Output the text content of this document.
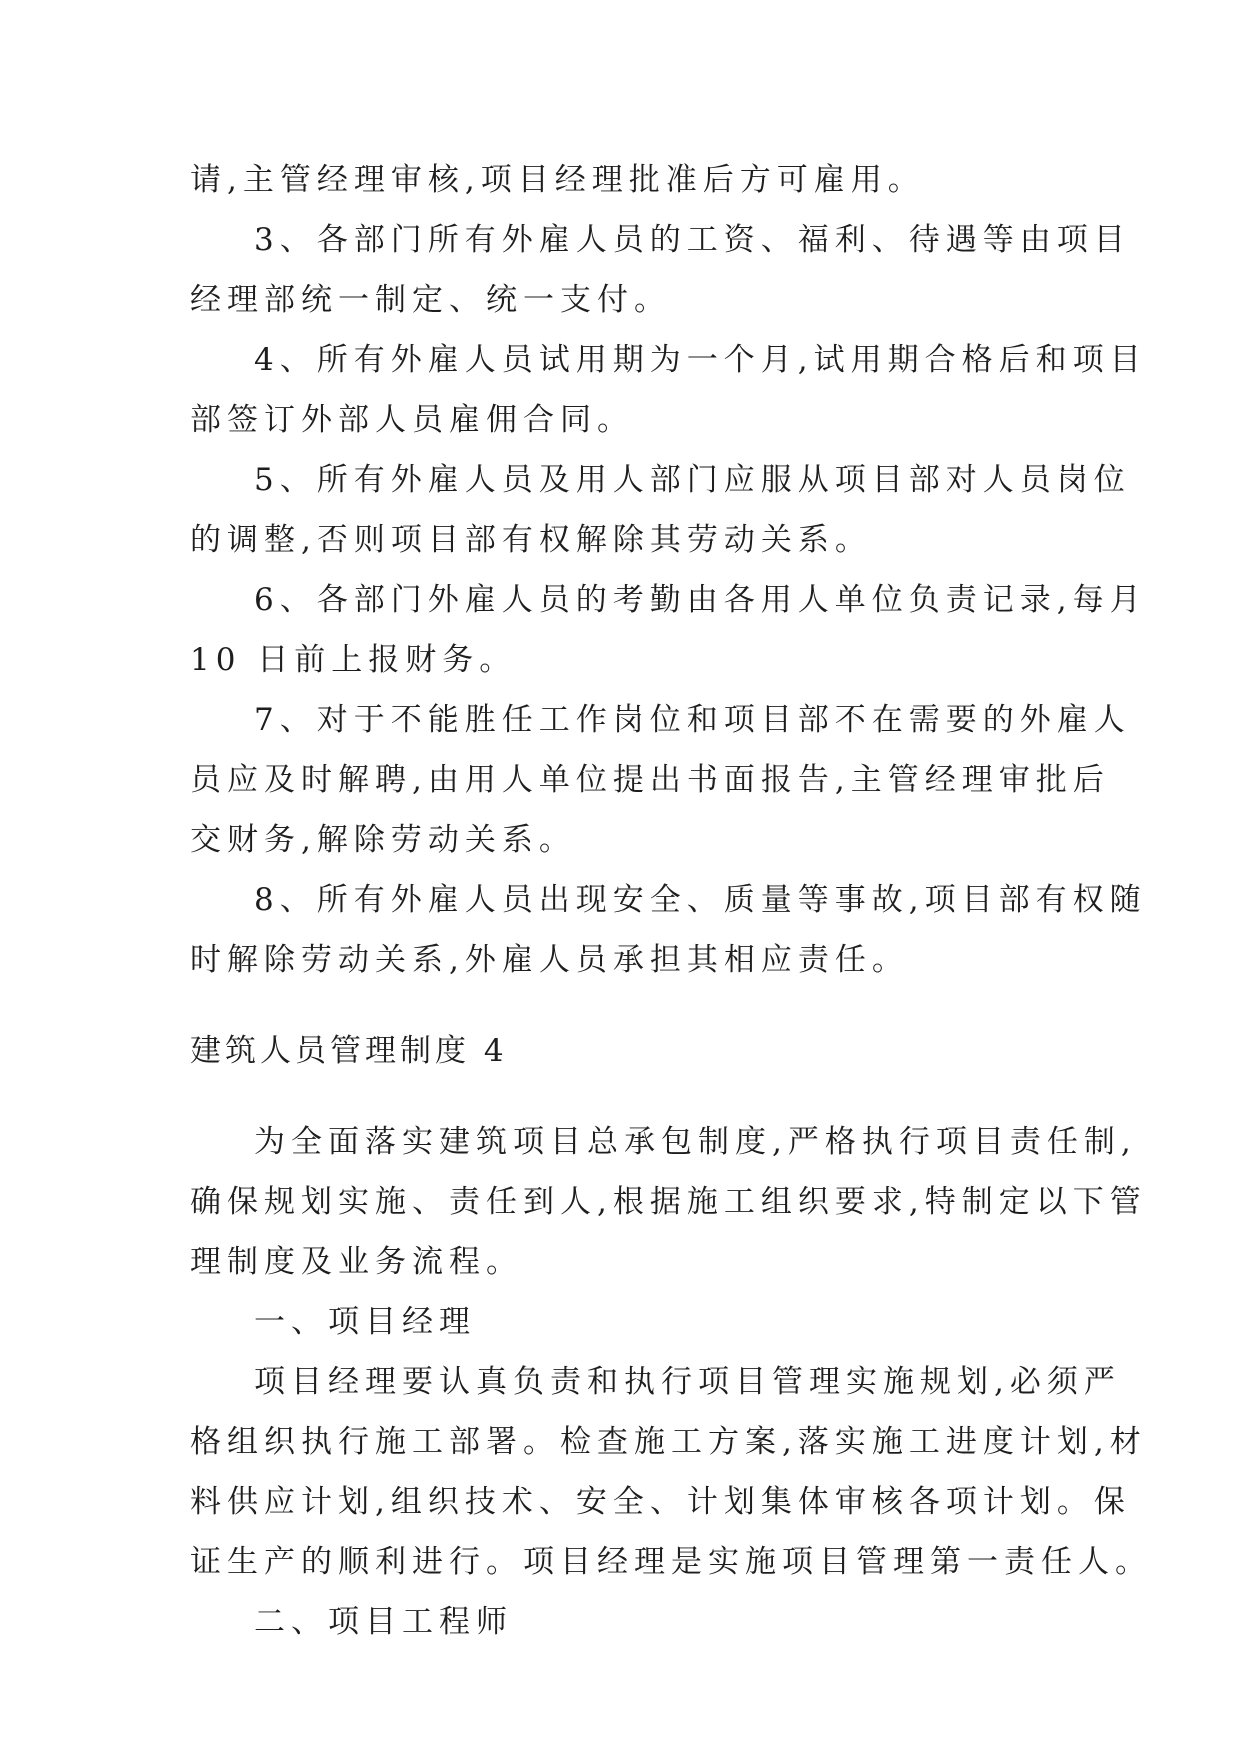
请,主管经理审核,项目经理批准后方可雇用。

3、各部门所有外雇人员的工资、福利、待遇等由项目

经理部统一制定、统一支付。

4、所有外雇人员试用期为一个月,试用期合格后和项目

部签订外部人员雇佣合同。

5、所有外雇人员及用人部门应服从项目部对人员岗位

的调整,否则项目部有权解除其劳动关系。

6、各部门外雇人员的考勤由各用人单位负责记录,每月

10 日前上报财务。

7、对于不能胜任工作岗位和项目部不在需要的外雇人

员应及时解聘,由用人单位提出书面报告,主管经理审批后

交财务,解除劳动关系。

8、所有外雇人员出现安全、质量等事故,项目部有权随

时解除劳动关系,外雇人员承担其相应责任。

建筑人员管理制度 4

为全面落实建筑项目总承包制度,严格执行项目责任制,

确保规划实施、责任到人,根据施工组织要求,特制定以下管

理制度及业务流程。

一、项目经理

项目经理要认真负责和执行项目管理实施规划,必须严

格组织执行施工部署。检查施工方案,落实施工进度计划,材

料供应计划,组织技术、安全、计划集体审核各项计划。保

证生产的顺利进行。项目经理是实施项目管理第一责任人。

二、项目工程师
